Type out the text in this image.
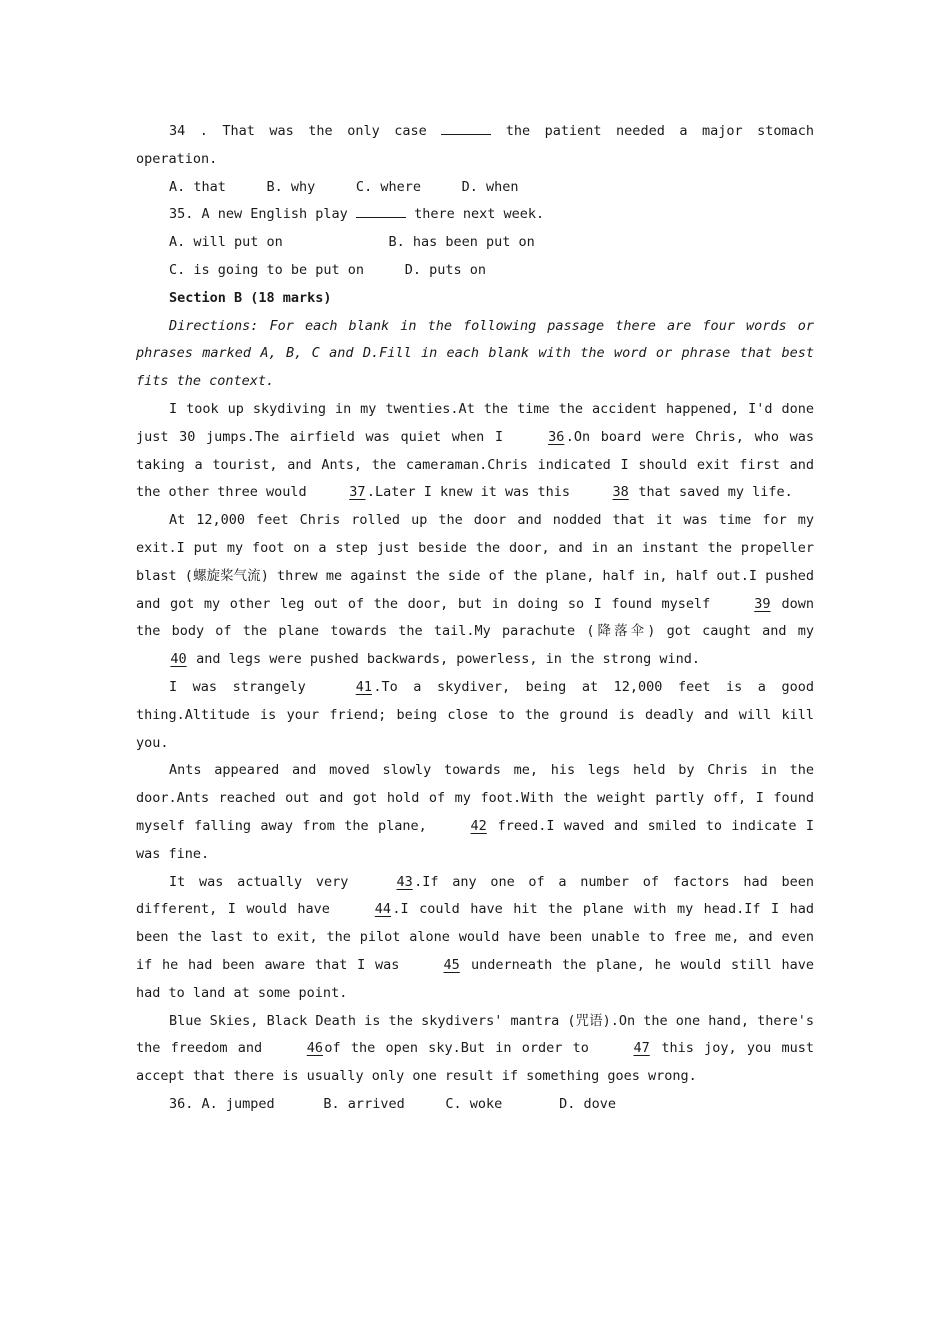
34 . That was the only case	the patient needed a major stomach operation.
A. that     B. why     C. where     D. when
35. A new English play	there next week.
A. will put on             B. has been put on
C. is going to be put on     D. puts on
Section B (18 marks)
Directions: For each blank in the following passage there are four words or phrases marked A, B, C and D.Fill in each blank with the word or phrase that best fits the context.
I took up skydiving in my twenties.At the time the accident happened, I'd done just 30 jumps.The airfield was quiet when I	36.On board were Chris, who was taking a tourist, and Ants, the cameraman.Chris indicated I should exit first and the other three would	37.Later I knew it was this	38 that saved my life.
At 12,000 feet Chris rolled up the door and nodded that it was time for my exit.I put my foot on a step just beside the door, and in an instant the propeller blast (螺旋桨气流) threw me against the side of the plane, half in, half out.I pushed and got my other leg out of the door, but in doing so I found myself	39 down the body of the plane towards the tail.My parachute (降落伞) got caught and my 40 and legs were pushed backwards, powerless, in the strong wind.
I was strangely	41.To a skydiver, being at 12,000 feet is a good thing.Altitude is your friend; being close to the ground is deadly and will kill you.
Ants appeared and moved slowly towards me, his legs held by Chris in the door.Ants reached out and got hold of my foot.With the weight partly off, I found myself falling away from the plane,	42 freed.I waved and smiled to indicate I was fine.
It was actually very	43.If any one of a number of factors had been different, I would have	44.I could have hit the plane with my head.If I had been the last to exit, the pilot alone would have been unable to free me, and even if he had been aware that I was	45 underneath the plane, he would still have had to land at some point.
Blue Skies, Black Death is the skydivers' mantra (咒语).On the one hand, there's the freedom and	46of the open sky.But in order to	47 this joy, you must accept that there is usually only one result if something goes wrong.
36. A. jumped      B. arrived     C. woke       D. dove
